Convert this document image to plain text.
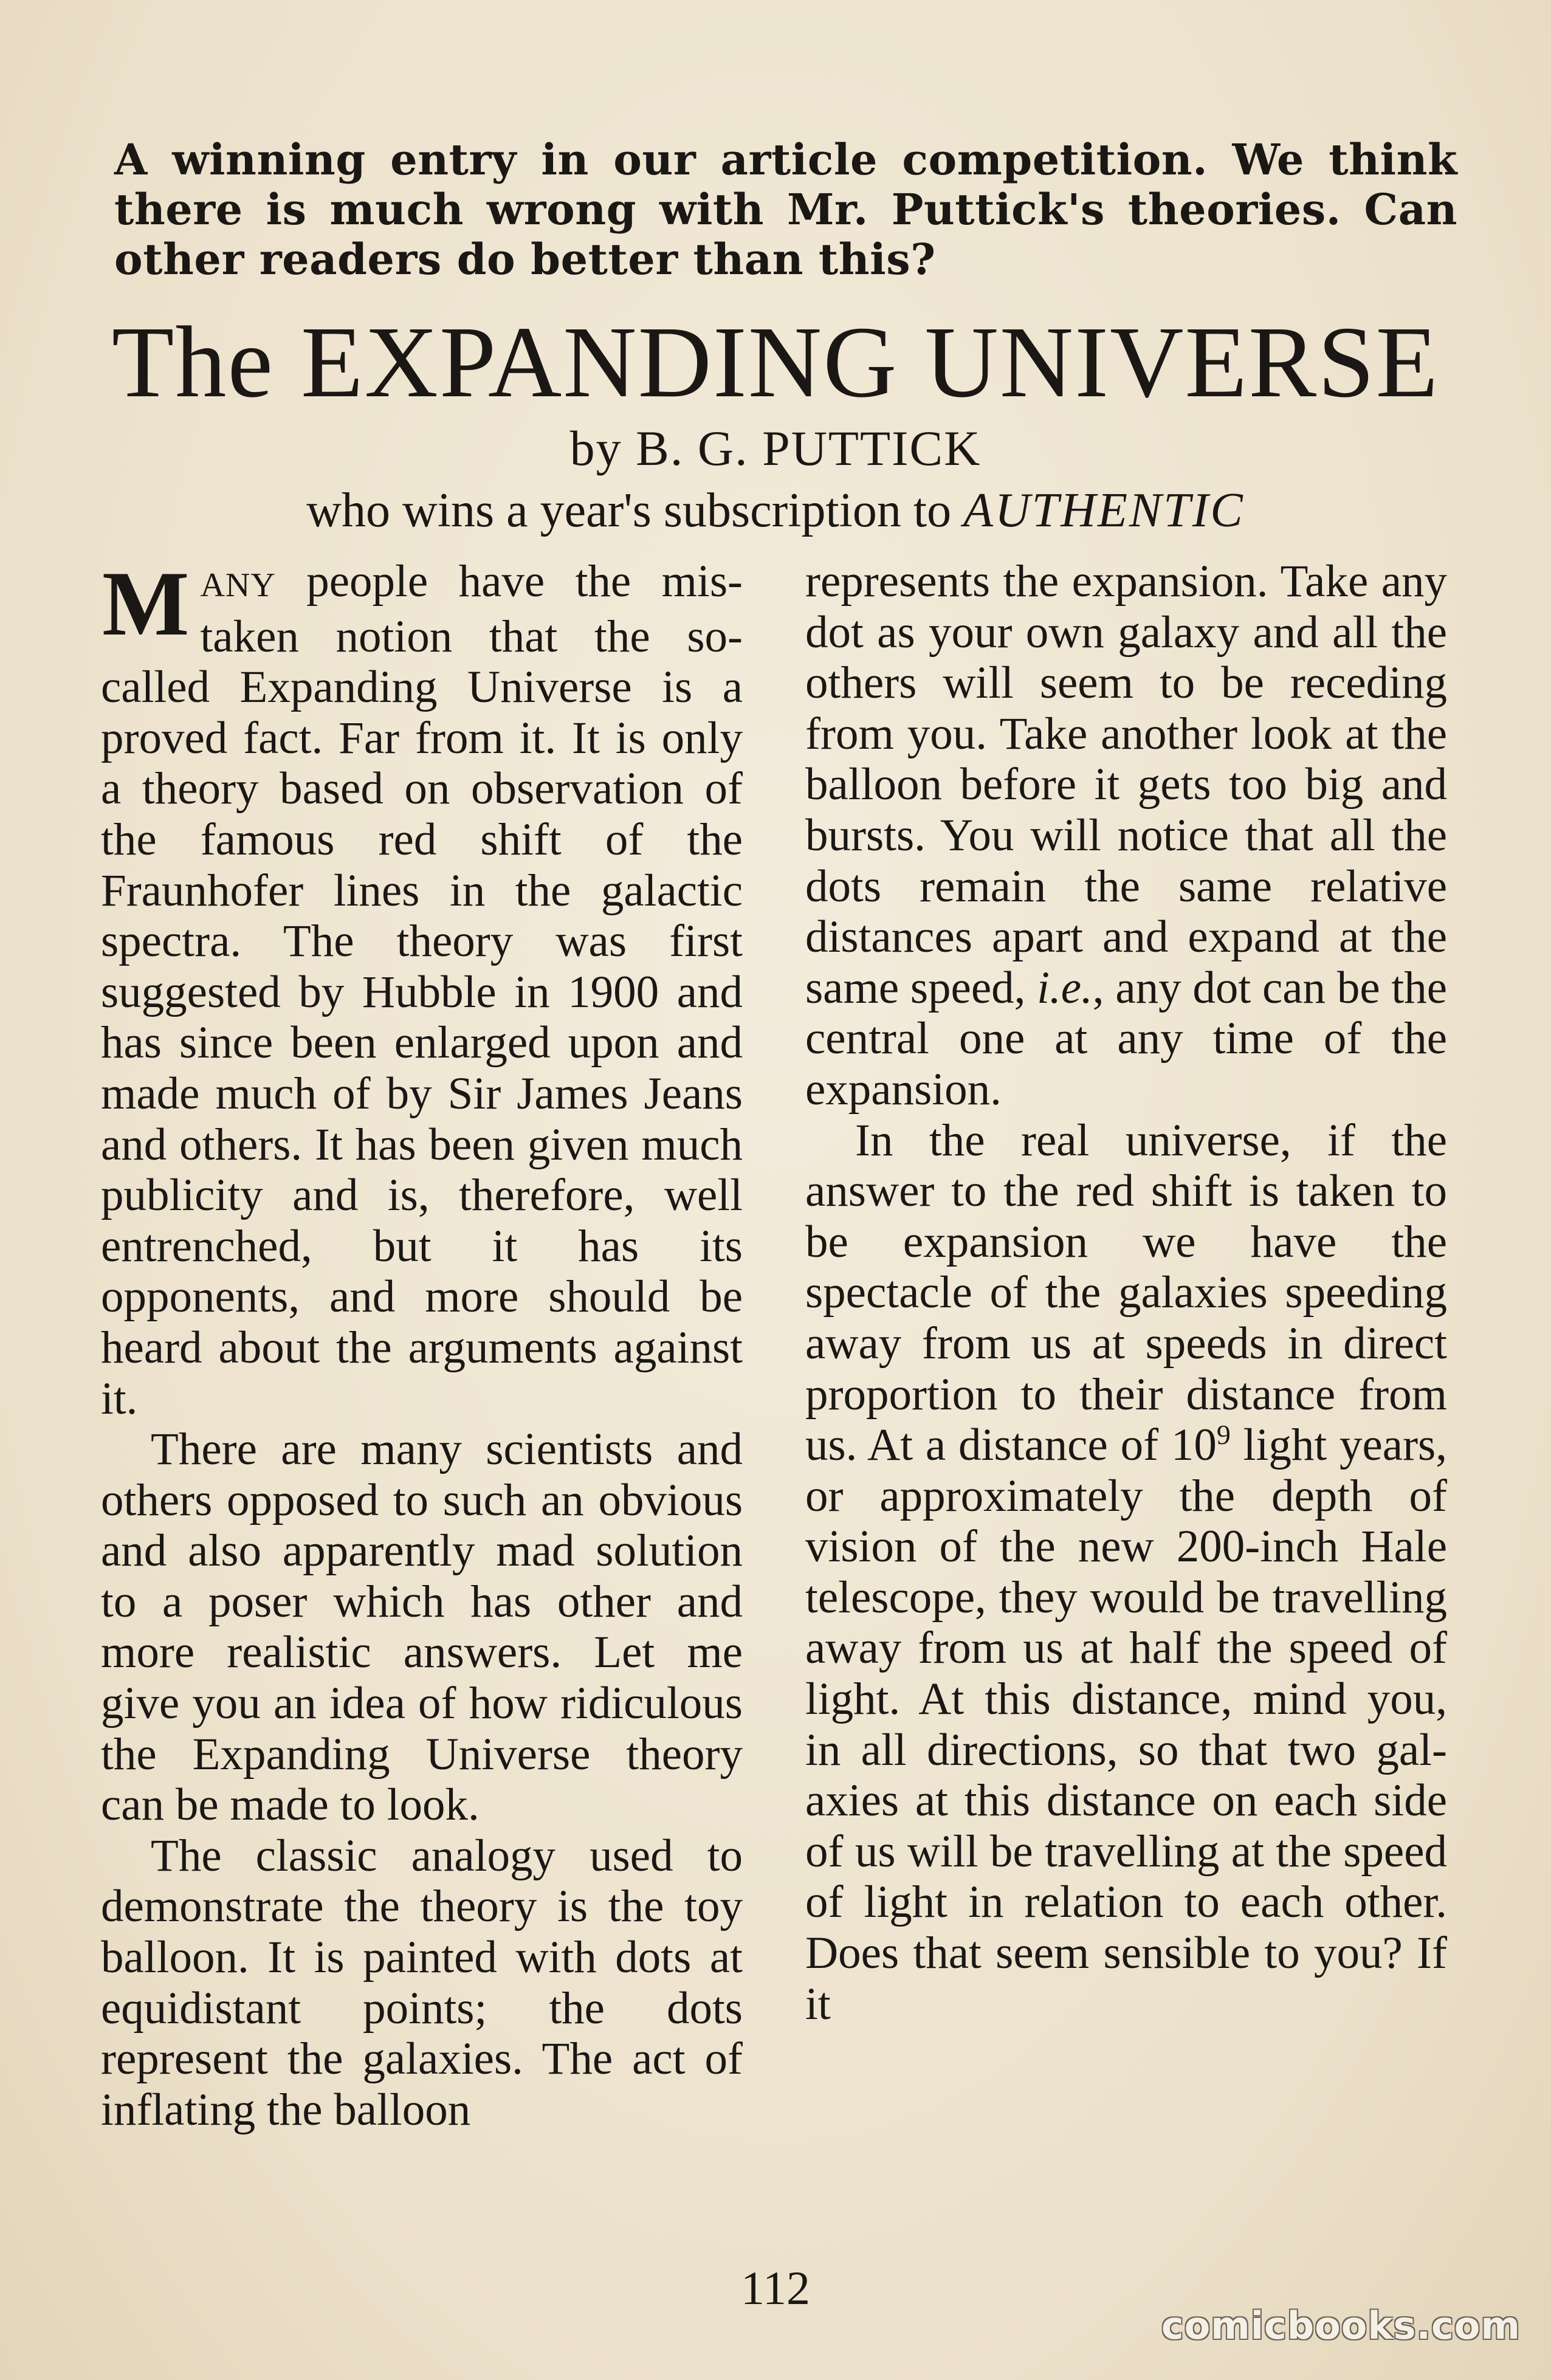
A winning entry in our article competition. We think there is much wrong with Mr. Puttick's theories. Can other readers do better than this?
The EXPANDING UNIVERSE
by B. G. PUTTICK
who wins a year's subscription to AUTHENTIC

MANY people have the mistaken notion that the so-called Expanding Universe is a proved fact. Far from it. It is only a theory based on observation of the famous red shift of the Fraunhofer lines in the galactic spectra. The theory was first suggested by Hubble in 1900 and has since been enlarged upon and made much of by Sir James Jeans and others. It has been given much publicity and is, therefore, well entrenched, but it has its opponents, and more should be heard about the arguments against it.

There are many scientists and others opposed to such an obvious and also apparently mad solution to a poser which has other and more realistic answers. Let me give you an idea of how ridiculous the Expanding Universe theory can be made to look.

The classic analogy used to demonstrate the theory is the toy balloon. It is painted with dots at equidistant points; the dots represent the galaxies. The act of inflating the balloon

represents the expansion. Take any dot as your own galaxy and all the others will seem to be receding from you. Take another look at the balloon before it gets too big and bursts. You will notice that all the dots remain the same relative distances apart and expand at the same speed, i.e., any dot can be the central one at any time of the expansion.

In the real universe, if the answer to the red shift is taken to be expansion we have the spectacle of the galaxies speeding away from us at speeds in direct proportion to their distance from us. At a distance of $10^9$ light years, or approximately the depth of vision of the new 200-inch Hale telescope, they would be travelling away from us at half the speed of light. At this distance, mind you, in all directions, so that two galaxies at this distance on each side of us will be travelling at the speed of light in relation to each other. Does that seem sensible to you? If it

112
comicbooks.com
